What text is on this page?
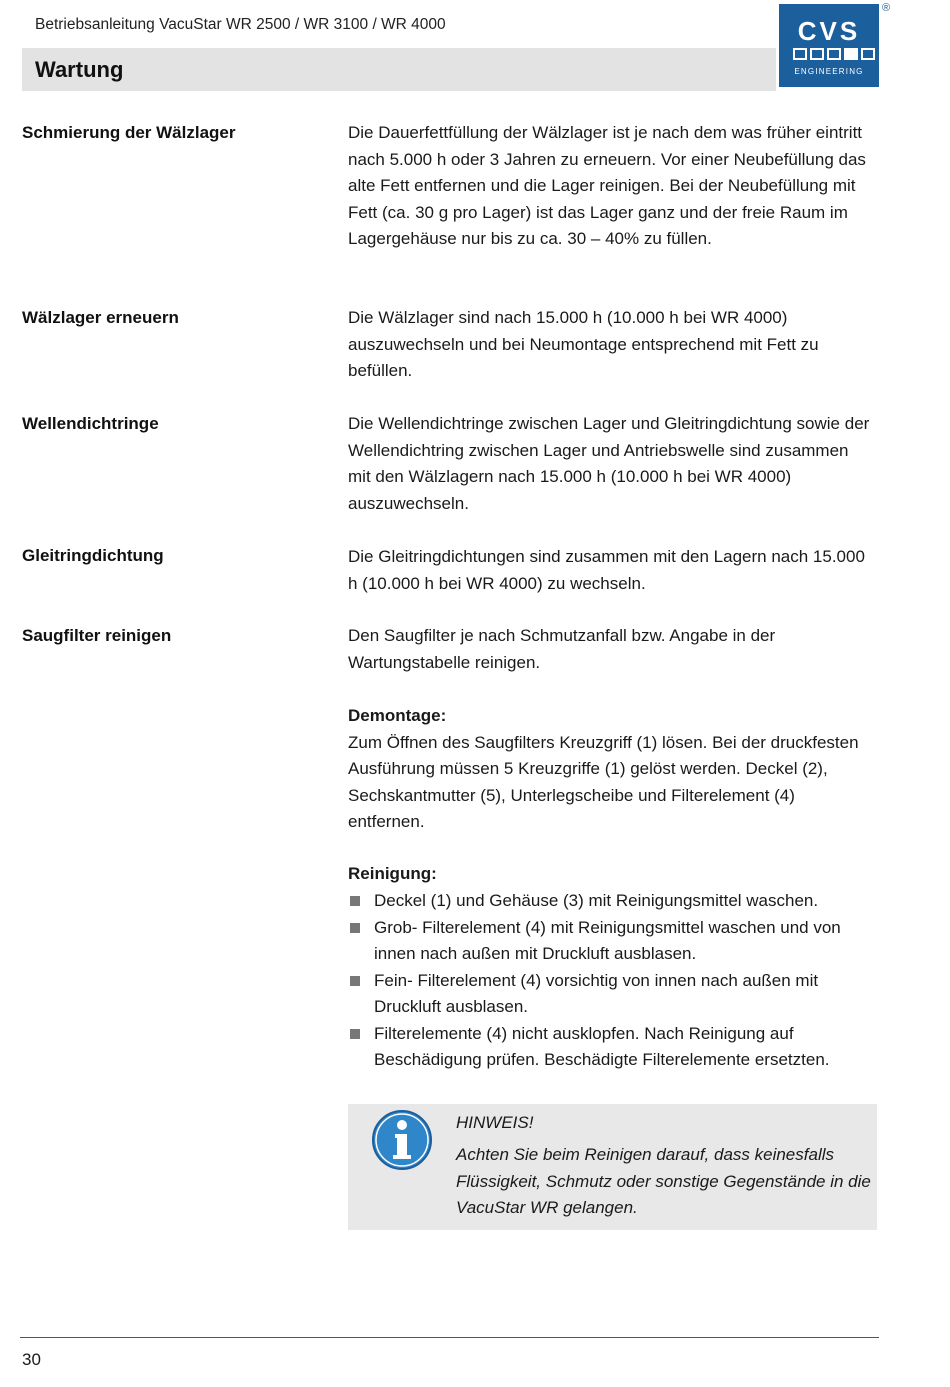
Betriebsanleitung VacuStar WR 2500 / WR 3100 / WR 4000
Wartung
CVS
ENGINEERING
®
Schmierung der Wälzlager	Die Dauerfettfüllung der Wälzlager ist je nach dem was früher eintritt nach 5.000 h oder 3 Jahren zu erneuern. Vor einer Neubefüllung das alte Fett entfernen und die Lager reinigen. Bei der Neubefüllung mit Fett (ca. 30 g pro Lager) ist das Lager ganz und der freie Raum im Lagergehäuse nur bis zu ca. 30 – 40% zu füllen.

Wälzlager erneuern	Die Wälzlager sind nach 15.000 h (10.000 h bei WR 4000) auszuwechseln und bei Neumontage entsprechend mit Fett zu befüllen.

Wellendichtringe	Die Wellendichtringe zwischen Lager und Gleitringdichtung sowie der Wellendichtring zwischen Lager und Antriebswelle sind zusammen mit den Wälzlagern nach 15.000 h (10.000 h bei WR 4000) auszuwechseln.

Gleitringdichtung	Die Gleitringdichtungen sind zusammen mit den Lagern nach 15.000 h (10.000 h bei WR 4000) zu wechseln.

Saugfilter reinigen	Den Saugfilter je nach Schmutzanfall bzw. Angabe in der Wartungstabelle reinigen.

Demontage:
Zum Öffnen des Saugfilters Kreuzgriff (1) lösen. Bei der druckfesten Ausführung müssen 5 Kreuzgriffe (1) gelöst werden. Deckel (2), Sechskantmutter (5), Unterlegscheibe und Filterelement (4) entfernen.
Reinigung:
Deckel (1) und Gehäuse (3) mit Reinigungsmittel waschen.
Grob- Filterelement (4) mit Reinigungsmittel waschen und von innen nach außen mit Druckluft ausblasen.
Fein- Filterelement (4) vorsichtig von innen nach außen mit Druckluft ausblasen.
Filterelemente (4) nicht ausklopfen. Nach Reinigung auf Beschädigung prüfen. Beschädigte Filterelemente ersetzten.
HINWEIS!
Achten Sie beim Reinigen darauf, dass keinesfalls Flüssigkeit, Schmutz oder sonstige Gegenstände in die VacuStar WR gelangen.
30
